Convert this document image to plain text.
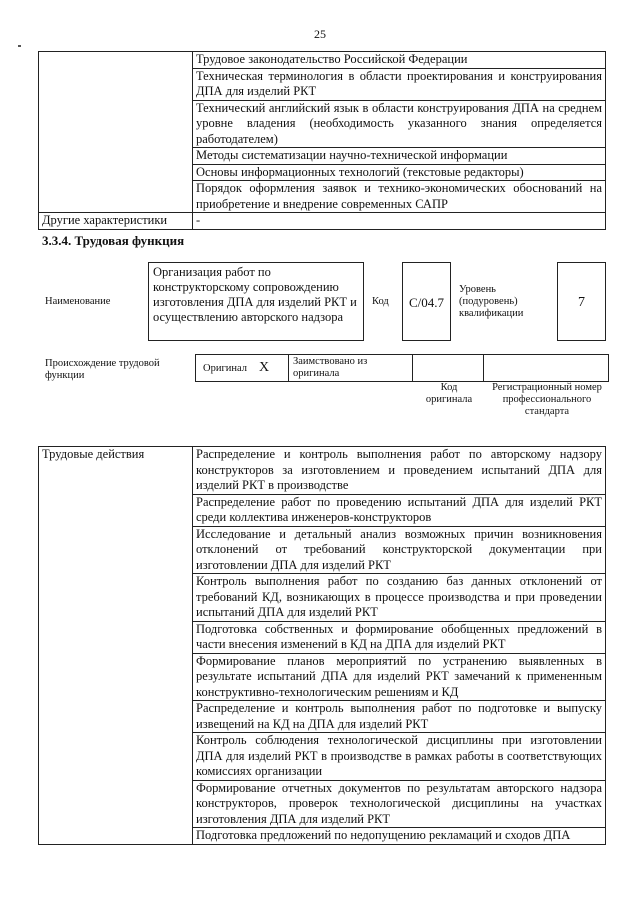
25
	Трудовое законодательство Российской Федерации
	Техническая терминология в области проектирования и конструирования ДПА для изделий РКТ
	Технический английский язык в области конструирования ДПА на среднем уровне владения (необходимость указанного знания определяется работодателем)
	Методы систематизации научно-технической информации
	Основы информационных технологий (текстовые редакторы)
	Порядок оформления заявок и технико-экономических обоснований на приобретение и внедрение современных САПР
Другие характеристики	-
3.3.4. Трудовая функция
Наименование
Организация работ по конструкторскому сопровождению изготовления ДПА для изделий РКТ и осуществлению авторского надзора
Код	C/04.7
Уровень (подуровень) квалификации
7
Происхождение трудовой функции
Оригинал X Заимствовано из оригинала
Код оригинала
Регистрационный номер профессионального стандарта
Трудовые действия	Распределение и контроль выполнения работ по авторскому надзору конструкторов за изготовлением и проведением испытаний ДПА для изделий РКТ в производстве
Распределение работ по проведению испытаний ДПА для изделий РКТ среди коллектива инженеров-конструкторов
Исследование и детальный анализ возможных причин возникновения отклонений от требований конструкторской документации при изготовлении ДПА для изделий РКТ
Контроль выполнения работ по созданию баз данных отклонений от требований КД, возникающих в процессе производства и при проведении испытаний ДПА для изделий РКТ
Подготовка собственных и формирование обобщенных предложений в части внесения изменений в КД на ДПА для изделий РКТ
Формирование планов мероприятий по устранению выявленных в результате испытаний ДПА для изделий РКТ замечаний к примененным конструктивно-технологическим решениям и КД
Распределение и контроль выполнения работ по подготовке и выпуску извещений на КД на ДПА для изделий РКТ
Контроль соблюдения технологической дисциплины при изготовлении ДПА для изделий РКТ в производстве в рамках работы в соответствующих комиссиях организации
Формирование отчетных документов по результатам авторского надзора конструкторов, проверок технологической дисциплины на участках изготовления ДПА для изделий РКТ
Подготовка предложений по недопущению рекламаций и сходов ДПА
